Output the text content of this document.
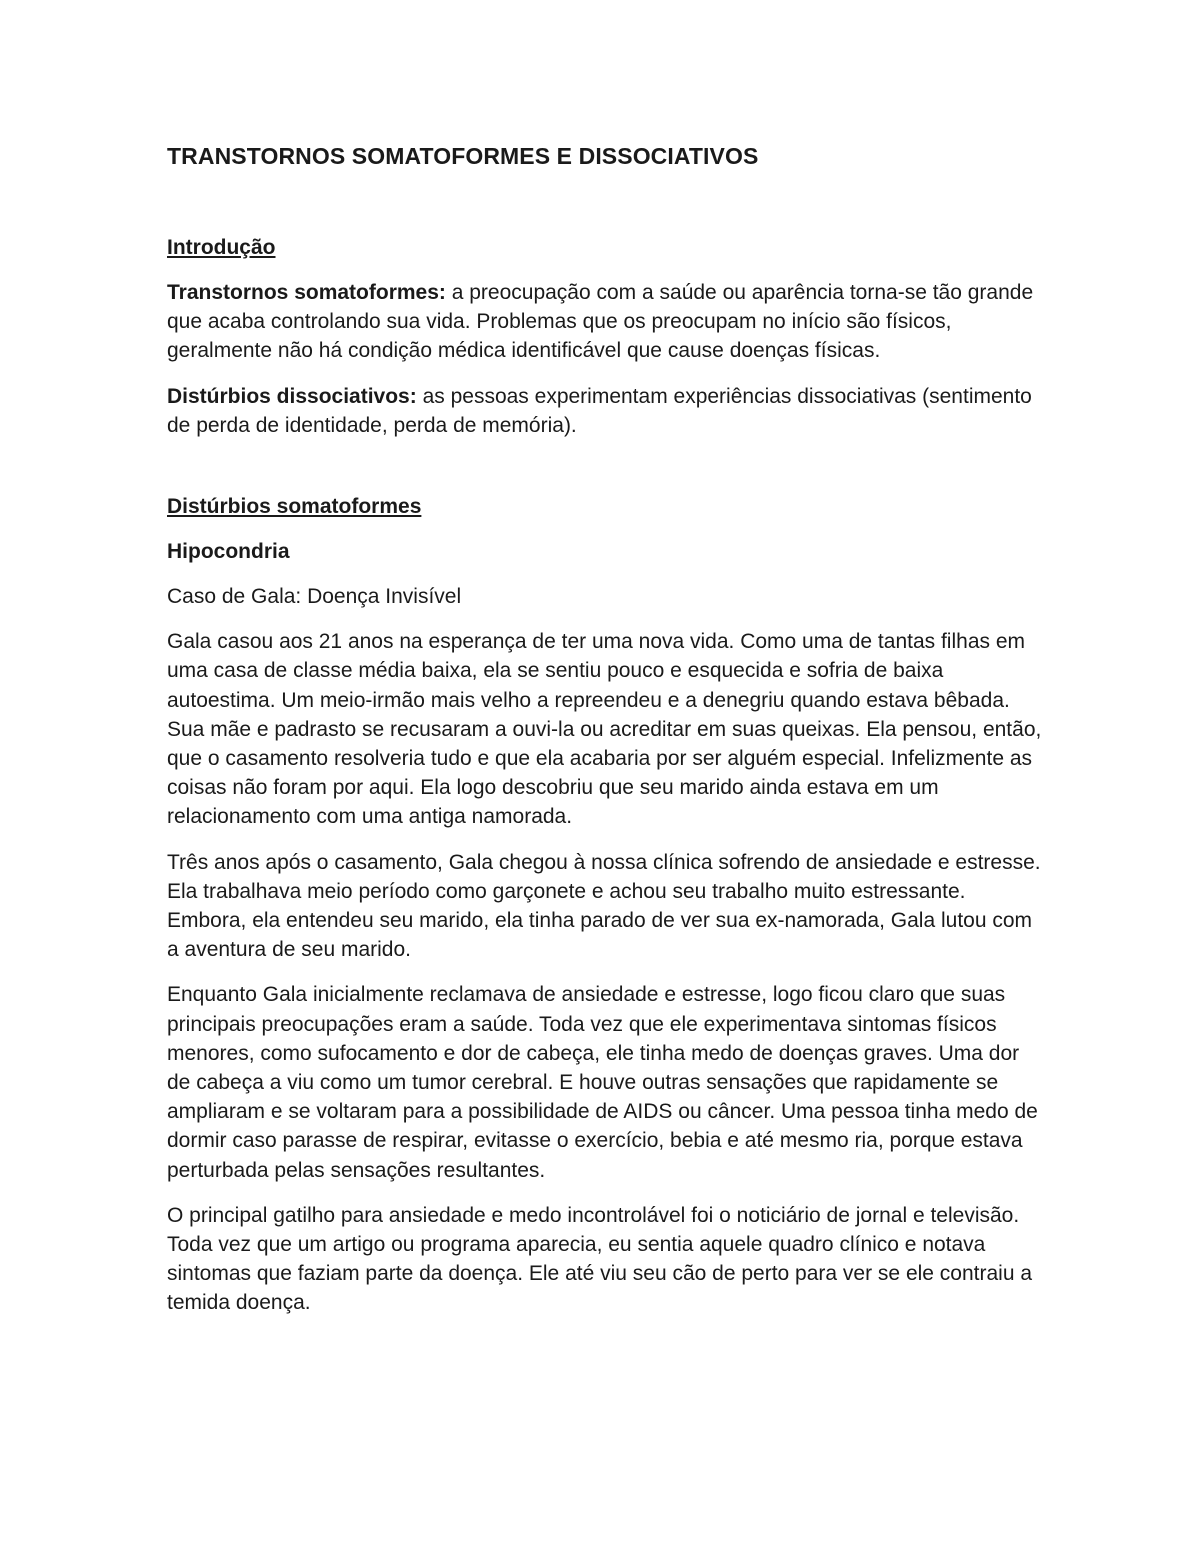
TRANSTORNOS SOMATOFORMES E DISSOCIATIVOS
Introdução

Transtornos somatoformes: a preocupação com a saúde ou aparência torna-se tão grande que acaba controlando sua vida. Problemas que os preocupam no início são físicos, geralmente não há condição médica identificável que cause doenças físicas.

Distúrbios dissociativos: as pessoas experimentam experiências dissociativas (sentimento de perda de identidade, perda de memória).

Distúrbios somatoformes
Hipocondria

Caso de Gala: Doença Invisível

Gala casou aos 21 anos na esperança de ter uma nova vida. Como uma de tantas filhas em uma casa de classe média baixa, ela se sentiu pouco e esquecida e sofria de baixa autoestima. Um meio-irmão mais velho a repreendeu e a denegriu quando estava bêbada. Sua mãe e padrasto se recusaram a ouvi-la ou acreditar em suas queixas. Ela pensou, então, que o casamento resolveria tudo e que ela acabaria por ser alguém especial. Infelizmente as coisas não foram por aqui. Ela logo descobriu que seu marido ainda estava em um relacionamento com uma antiga namorada.

Três anos após o casamento, Gala chegou à nossa clínica sofrendo de ansiedade e estresse. Ela trabalhava meio período como garçonete e achou seu trabalho muito estressante. Embora, ela entendeu seu marido, ela tinha parado de ver sua ex-namorada, Gala lutou com a aventura de seu marido.

Enquanto Gala inicialmente reclamava de ansiedade e estresse, logo ficou claro que suas principais preocupações eram a saúde. Toda vez que ele experimentava sintomas físicos menores, como sufocamento e dor de cabeça, ele tinha medo de doenças graves. Uma dor de cabeça a viu como um tumor cerebral. E houve outras sensações que rapidamente se ampliaram e se voltaram para a possibilidade de AIDS ou câncer. Uma pessoa tinha medo de dormir caso parasse de respirar, evitasse o exercício, bebia e até mesmo ria, porque estava perturbada pelas sensações resultantes.

O principal gatilho para ansiedade e medo incontrolável foi o noticiário de jornal e televisão. Toda vez que um artigo ou programa aparecia, eu sentia aquele quadro clínico e notava sintomas que faziam parte da doença. Ele até viu seu cão de perto para ver se ele contraiu a temida doença.
